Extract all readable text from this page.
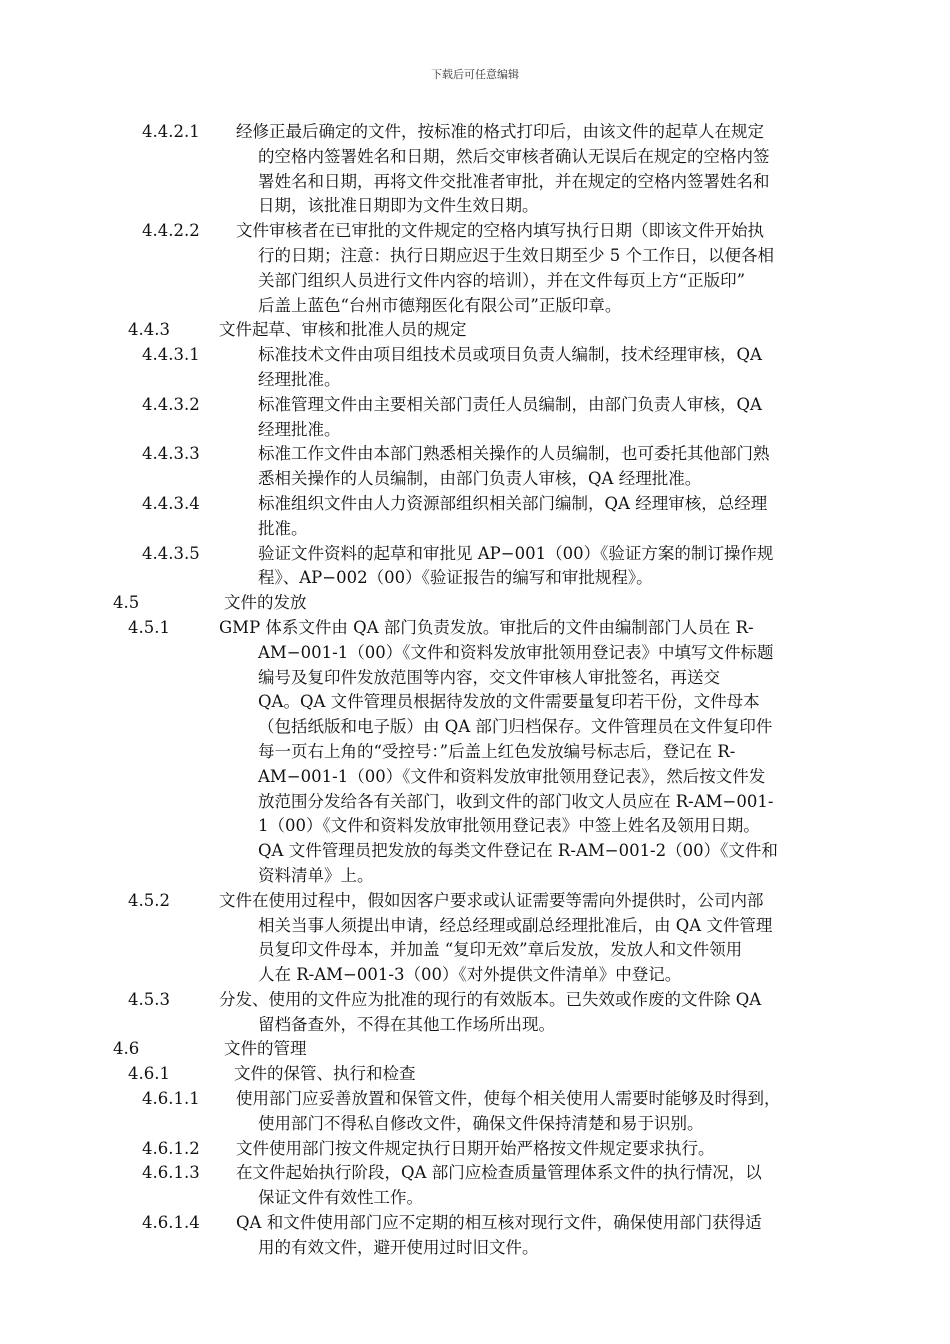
下载后可任意编辑
4.4.2.1 经修正最后确定的文件，按标准的格式打印后，由该文件的起草人在规定
的空格内签署姓名和日期，然后交审核者确认无误后在规定的空格内签
署姓名和日期，再将文件交批准者审批，并在规定的空格内签署姓名和
日期，该批准日期即为文件生效日期。
4.4.2.2 文件审核者在已审批的文件规定的空格内填写执行日期（即该文件开始执
行的日期；注意：执行日期应迟于生效日期至少 5 个工作日，以便各相
关部门组织人员进行文件内容的培训），并在文件每页上方“正版印”
后盖上蓝色“台州市德翔医化有限公司”正版印章。
4.4.3	文件起草、审核和批准人员的规定
4.4.3.1	标准技术文件由项目组技术员或项目负责人编制，技术经理审核，QA
经理批准。
4.4.3.2	标准管理文件由主要相关部门责任人员编制，由部门负责人审核，QA
经理批准。
4.4.3.3	标准工作文件由本部门熟悉相关操作的人员编制，也可委托其他部门熟
悉相关操作的人员编制，由部门负责人审核，QA 经理批准。
4.4.3.4	标准组织文件由人力资源部组织相关部门编制，QA 经理审核，总经理
批准。
4.4.3.5	验证文件资料的起草和审批见 AP−001（00）《验证方案的制订操作规
程》、AP−002（00）《验证报告的编写和审批规程》。
4.5	文件的发放
4.5.1	GMP 体系文件由 QA 部门负责发放。审批后的文件由编制部门人员在 R-
AM−001-1（00）《文件和资料发放审批领用登记表》中填写文件标题
编号及复印件发放范围等内容，交文件审核人审批签名，再送交
QA。QA 文件管理员根据待发放的文件需要量复印若干份，文件母本
（包括纸版和电子版）由 QA 部门归档保存。文件管理员在文件复印件
每一页右上角的“受控号：”后盖上红色发放编号标志后，登记在 R-
AM−001-1（00）《文件和资料发放审批领用登记表》，然后按文件发
放范围分发给各有关部门，收到文件的部门收文人员应在 R-AM−001-
1（00）《文件和资料发放审批领用登记表》中签上姓名及领用日期。
QA 文件管理员把发放的每类文件登记在 R-AM−001-2（00）《文件和
资料清单》上。
4.5.2	文件在使用过程中，假如因客户要求或认证需要等需向外提供时，公司内部
相关当事人须提出申请，经总经理或副总经理批准后，由 QA 文件管理
员复印文件母本，并加盖 “复印无效”章后发放，发放人和文件领用
人在 R-AM−001-3（00）《对外提供文件清单》中登记。
4.5.3	分发、使用的文件应为批准的现行的有效版本。已失效或作废的文件除 QA
留档备查外，不得在其他工作场所出现。
4.6	文件的管理
4.6.1	文件的保管、执行和检查
4.6.1.1 使用部门应妥善放置和保管文件，使每个相关使用人需要时能够及时得到，
使用部门不得私自修改文件，确保文件保持清楚和易于识别。
4.6.1.2 文件使用部门按文件规定执行日期开始严格按文件规定要求执行。
4.6.1.3 在文件起始执行阶段，QA 部门应检查质量管理体系文件的执行情况，以
保证文件有效性工作。
4.6.1.4 QA 和文件使用部门应不定期的相互核对现行文件，确保使用部门获得适
用的有效文件，避开使用过时旧文件。
